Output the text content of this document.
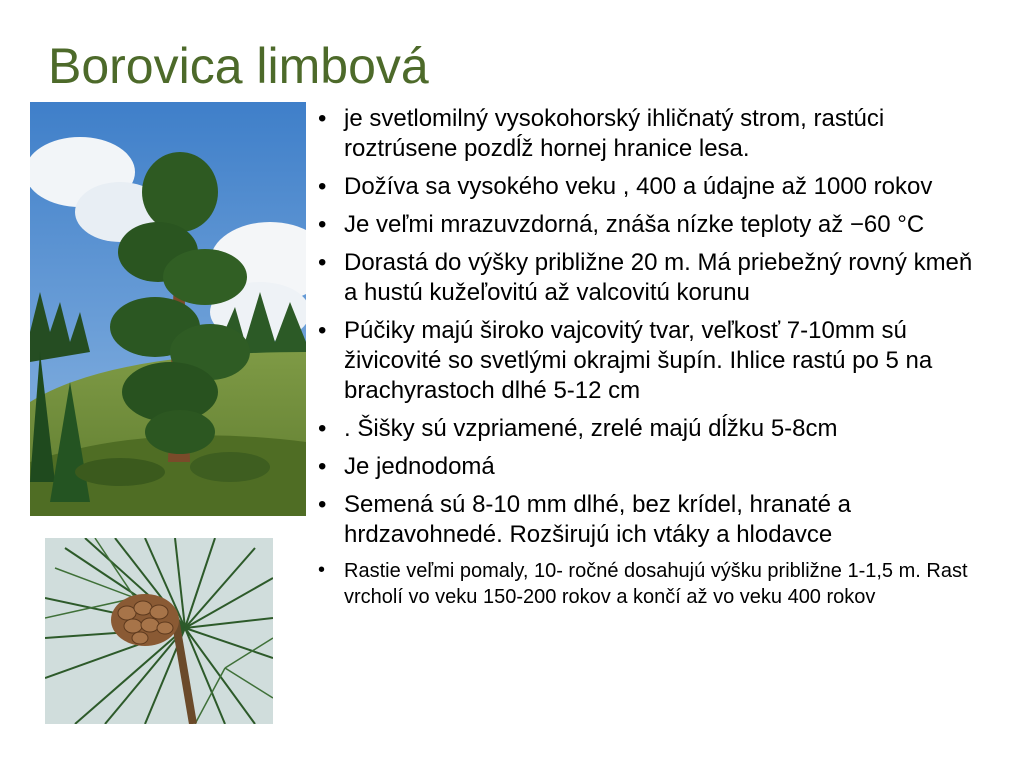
Borovica limbová
• je svetlomilný vysokohorský ihličnatý strom, rastúci roztrúsene pozdĺž hornej hranice lesa.
• Dožíva sa vysokého veku , 400 a údajne až 1000 rokov
• Je veľmi mrazuvzdorná, znáša nízke teploty až −60 °C
• Dorastá do výšky približne 20 m. Má priebežný rovný kmeň a hustú kužeľovitú až valcovitú korunu
• Púčiky majú široko vajcovitý tvar, veľkosť 7-10mm sú živicovité so svetlými okrajmi šupín. Ihlice rastú po 5 na brachyrastoch dlhé 5-12 cm
• . Šišky sú vzpriamené, zrelé majú dĺžku 5-8cm
• Je jednodomá
• Semená sú 8-10 mm dlhé, bez krídel, hranaté a hrdzavohnedé. Rozširujú ich vtáky a hlodavce
• Rastie veľmi pomaly, 10- ročné dosahujú výšku približne 1-1,5 m. Rast vrcholí vo veku 150-200 rokov a končí až vo veku 400 rokov
